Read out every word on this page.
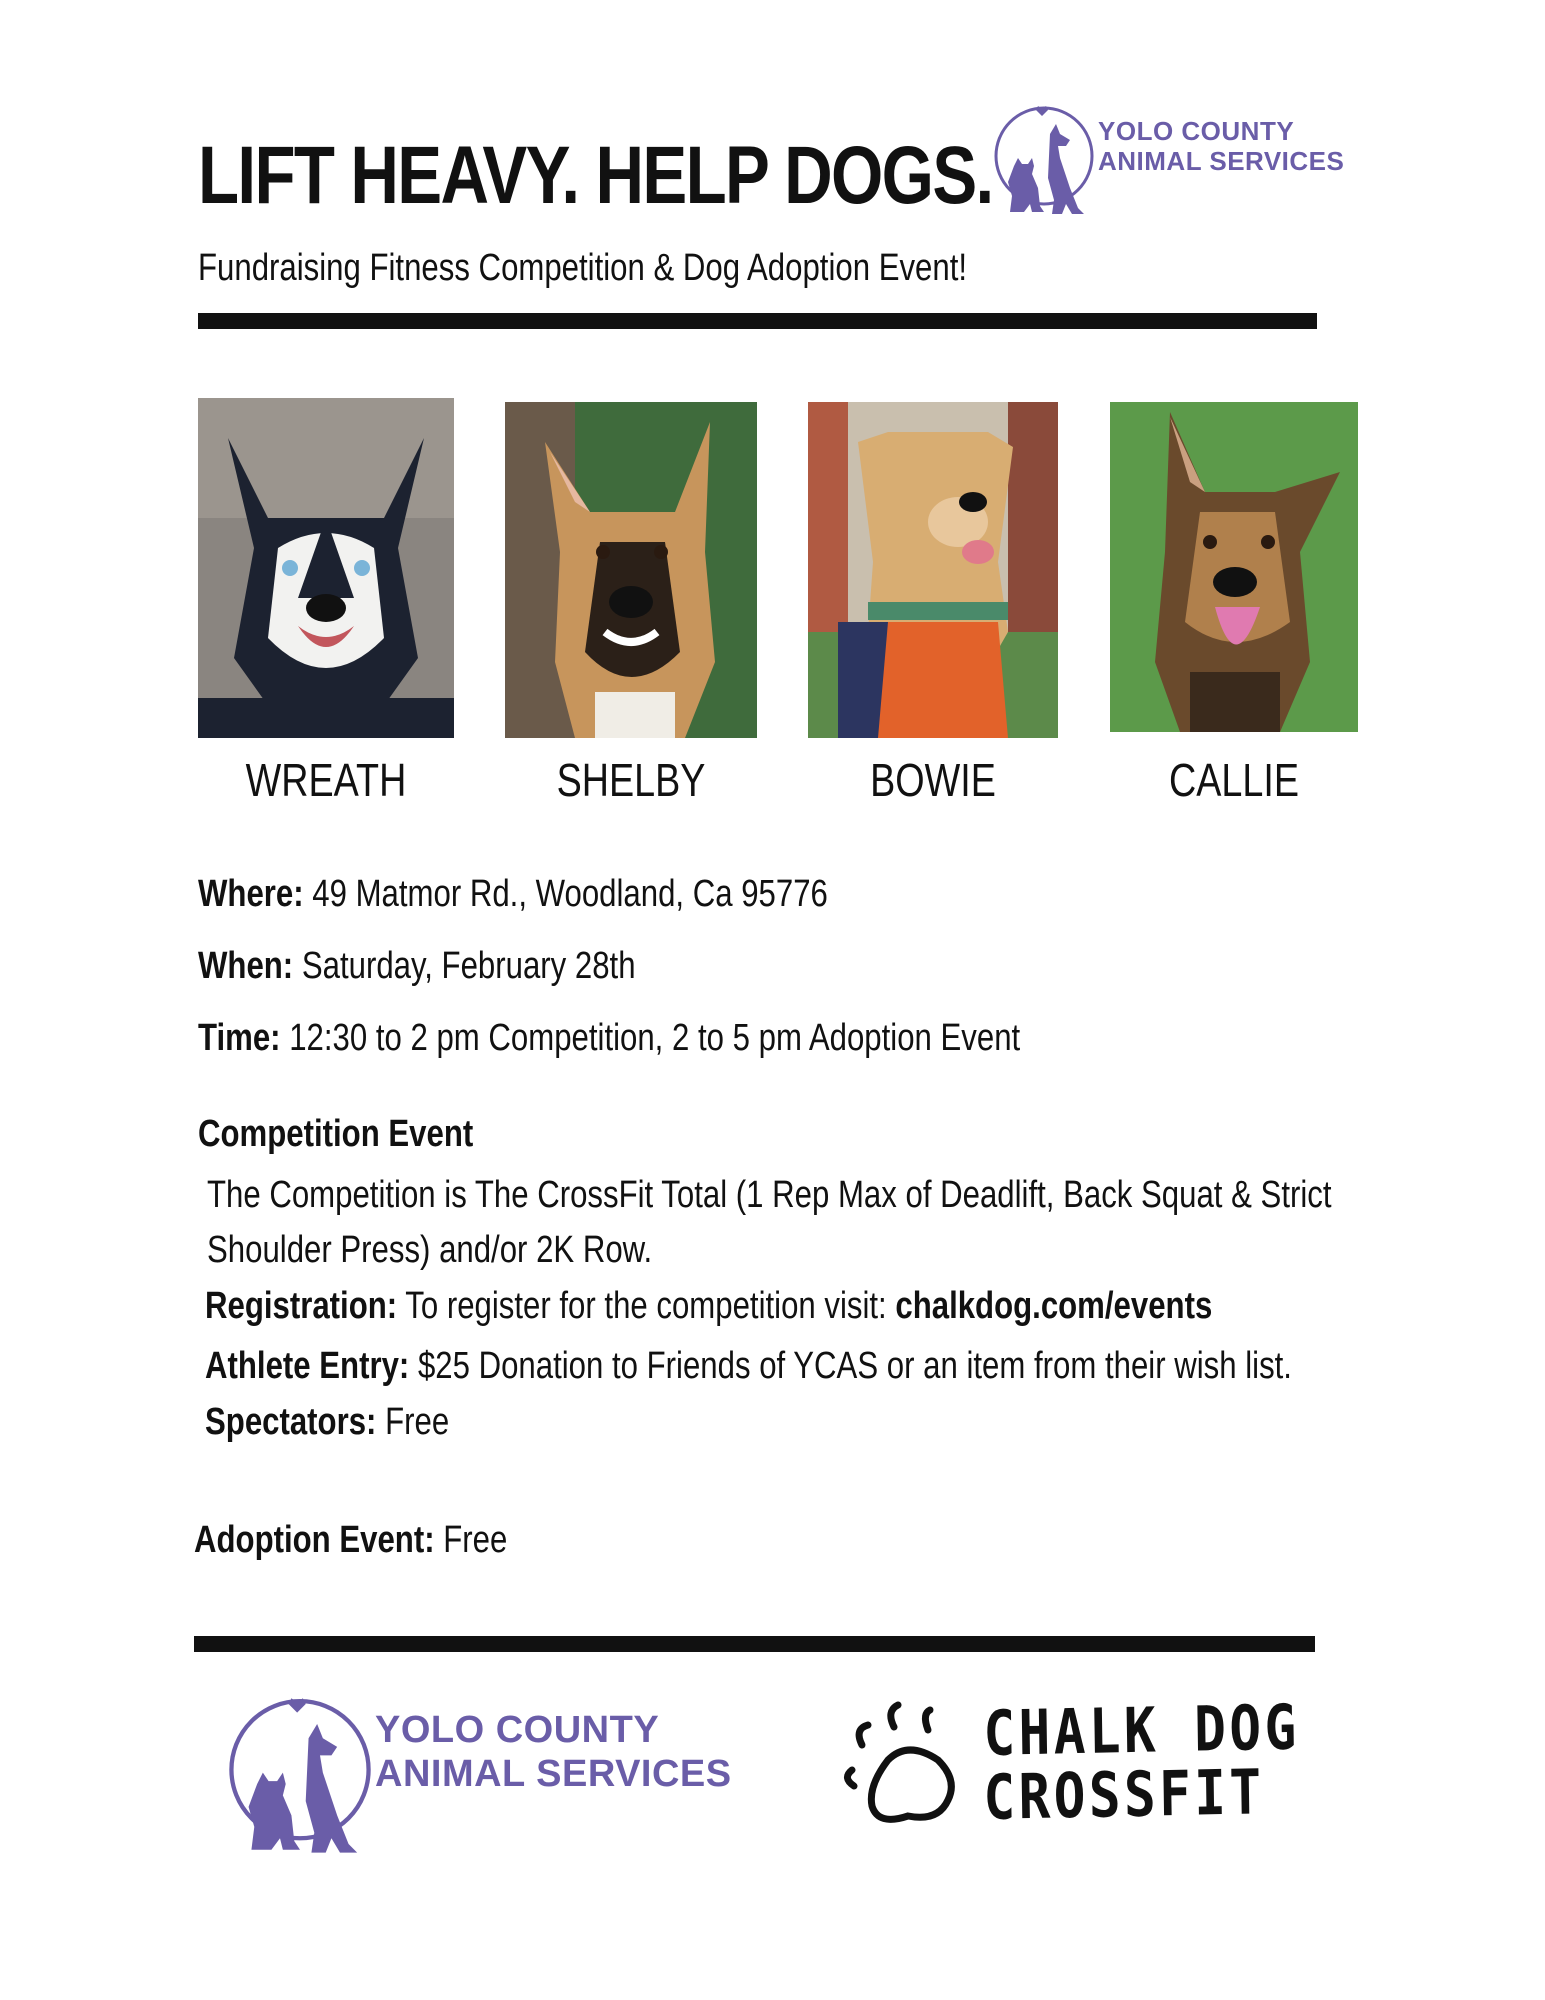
LIFT HEAVY. HELP DOGS.	YOLO COUNTY
ANIMAL SERVICES
Fundraising Fitness Competition & Dog Adoption Event!
WREATH	SHELBY	BOWIE	CALLIE
Where: 49 Matmor Rd., Woodland, Ca 95776
When: Saturday, February 28th
Time: 12:30 to 2 pm Competition, 2 to 5 pm Adoption Event
Competition Event
The Competition is The CrossFit Total (1 Rep Max of Deadlift, Back Squat & Strict Shoulder Press) and/or 2K Row.
Registration: To register for the competition visit: chalkdog.com/events
Athlete Entry: $25 Donation to Friends of YCAS or an item from their wish list.
Spectators: Free
Adoption Event: Free
YOLO COUNTY
ANIMAL SERVICES
CHALK DOG
CROSSFIT
